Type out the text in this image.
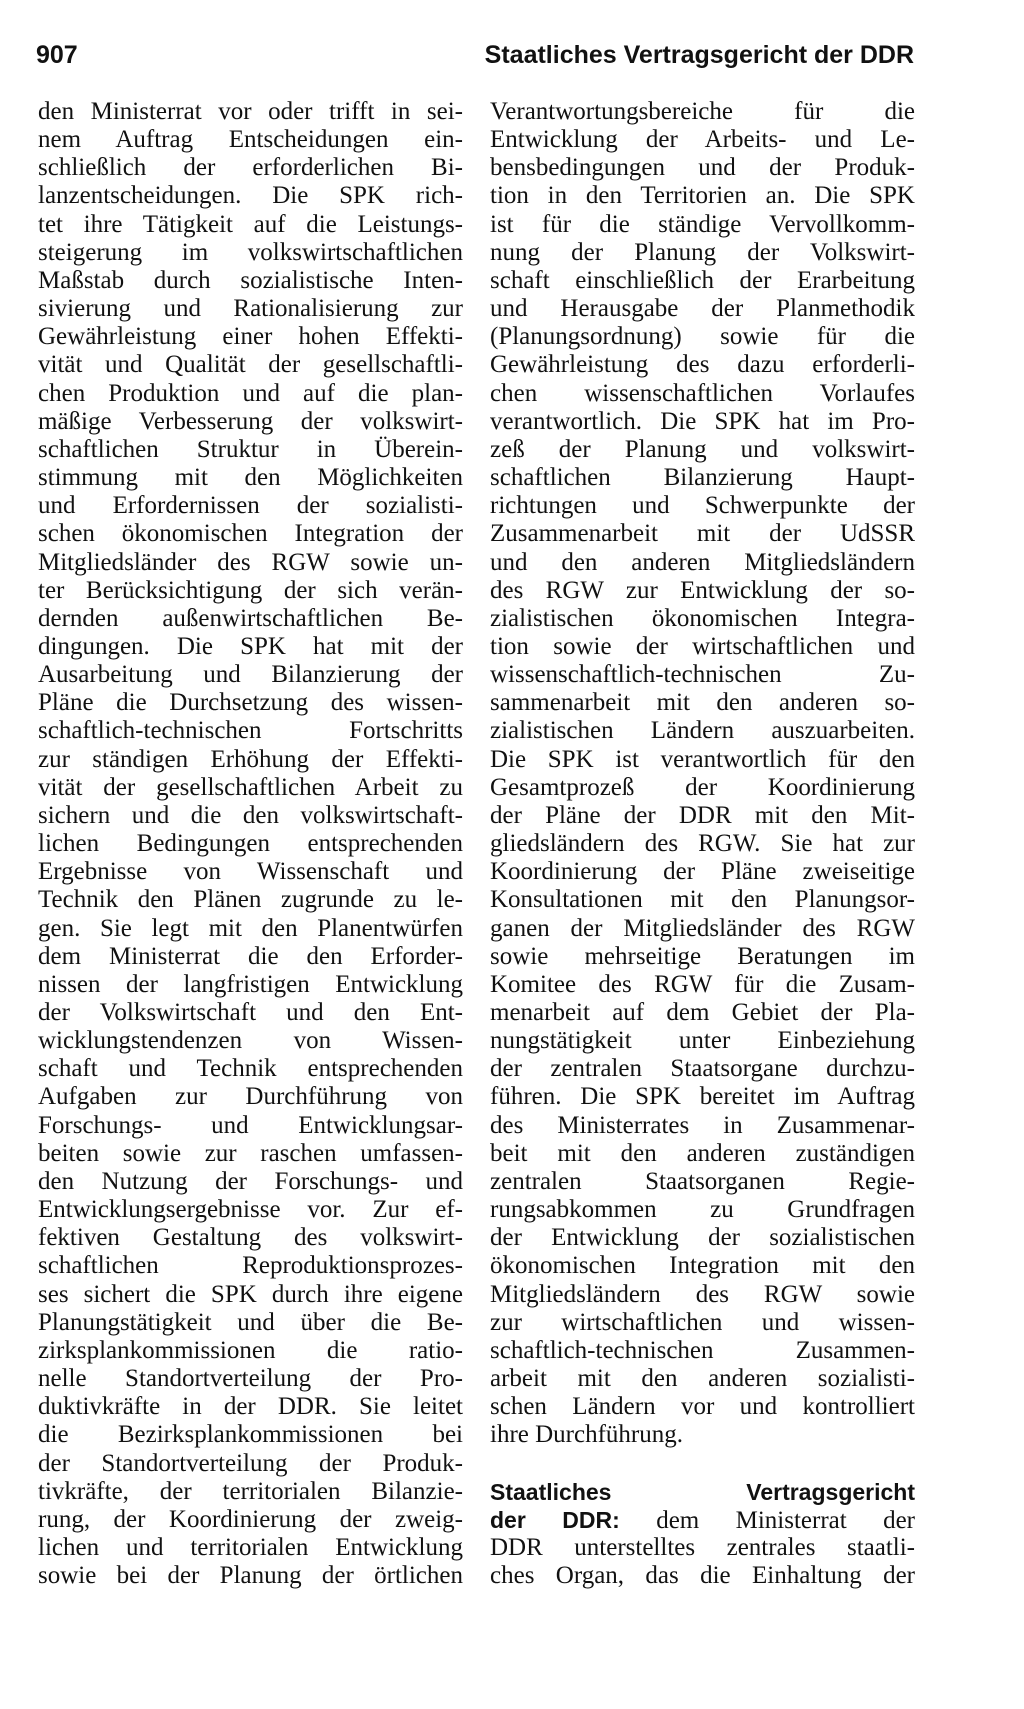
907	Staatliches Vertragsgericht der DDR
den Ministerrat vor oder trifft in sei-
nem Auftrag Entscheidungen ein-
schließlich der erforderlichen Bi-
lanzentscheidungen. Die SPK rich-
tet ihre Tätigkeit auf die Leistungs-
steigerung im volkswirtschaftlichen
Maßstab durch sozialistische Inten-
sivierung und Rationalisierung zur
Gewährleistung einer hohen Effekti-
vität und Qualität der gesellschaftli-
chen Produktion und auf die plan-
mäßige Verbesserung der volkswirt-
schaftlichen Struktur in Überein-
stimmung mit den Möglichkeiten
und Erfordernissen der sozialisti-
schen ökonomischen Integration der
Mitgliedsländer des RGW sowie un-
ter Berücksichtigung der sich verän-
dernden außenwirtschaftlichen Be-
dingungen. Die SPK hat mit der
Ausarbeitung und Bilanzierung der
Pläne die Durchsetzung des wissen-
schaftlich-technischen Fortschritts
zur ständigen Erhöhung der Effekti-
vität der gesellschaftlichen Arbeit zu
sichern und die den volkswirtschaft-
lichen Bedingungen entsprechenden
Ergebnisse von Wissenschaft und
Technik den Plänen zugrunde zu le-
gen. Sie legt mit den Planentwürfen
dem Ministerrat die den Erforder-
nissen der langfristigen Entwicklung
der Volkswirtschaft und den Ent-
wicklungstendenzen von Wissen-
schaft und Technik entsprechenden
Aufgaben zur Durchführung von
Forschungs- und Entwicklungsar-
beiten sowie zur raschen umfassen-
den Nutzung der Forschungs- und
Entwicklungsergebnisse vor. Zur ef-
fektiven Gestaltung des volkswirt-
schaftlichen Reproduktionsprozes-
ses sichert die SPK durch ihre eigene
Planungstätigkeit und über die Be-
zirksplankommissionen die ratio-
nelle Standortverteilung der Pro-
duktivkräfte in der DDR. Sie leitet
die Bezirksplankommissionen bei
der Standortverteilung der Produk-
tivkräfte, der territorialen Bilanzie-
rung, der Koordinierung der zweig-
lichen und territorialen Entwicklung
sowie bei der Planung der örtlichen
Verantwortungsbereiche für die
Entwicklung der Arbeits- und Le-
bensbedingungen und der Produk-
tion in den Territorien an. Die SPK
ist für die ständige Vervollkomm-
nung der Planung der Volkswirt-
schaft einschließlich der Erarbeitung
und Herausgabe der Planmethodik
(Planungsordnung) sowie für die
Gewährleistung des dazu erforderli-
chen wissenschaftlichen Vorlaufes
verantwortlich. Die SPK hat im Pro-
zeß der Planung und volkswirt-
schaftlichen Bilanzierung Haupt-
richtungen und Schwerpunkte der
Zusammenarbeit mit der UdSSR
und den anderen Mitgliedsländern
des RGW zur Entwicklung der so-
zialistischen ökonomischen Integra-
tion sowie der wirtschaftlichen und
wissenschaftlich-technischen Zu-
sammenarbeit mit den anderen so-
zialistischen Ländern auszuarbeiten.
Die SPK ist verantwortlich für den
Gesamtprozeß der Koordinierung
der Pläne der DDR mit den Mit-
gliedsländern des RGW. Sie hat zur
Koordinierung der Pläne zweiseitige
Konsultationen mit den Planungsor-
ganen der Mitgliedsländer des RGW
sowie mehrseitige Beratungen im
Komitee des RGW für die Zusam-
menarbeit auf dem Gebiet der Pla-
nungstätigkeit unter Einbeziehung
der zentralen Staatsorgane durchzu-
führen. Die SPK bereitet im Auftrag
des Ministerrates in Zusammenar-
beit mit den anderen zuständigen
zentralen Staatsorganen Regie-
rungsabkommen zu Grundfragen
der Entwicklung der sozialistischen
ökonomischen Integration mit den
Mitgliedsländern des RGW sowie
zur wirtschaftlichen und wissen-
schaftlich-technischen Zusammen-
arbeit mit den anderen sozialisti-
schen Ländern vor und kontrolliert
ihre Durchführung.
Staatliches Vertragsgericht
der DDR: dem Ministerrat der
DDR unterstelltes zentrales staatli-
ches Organ, das die Einhaltung der
